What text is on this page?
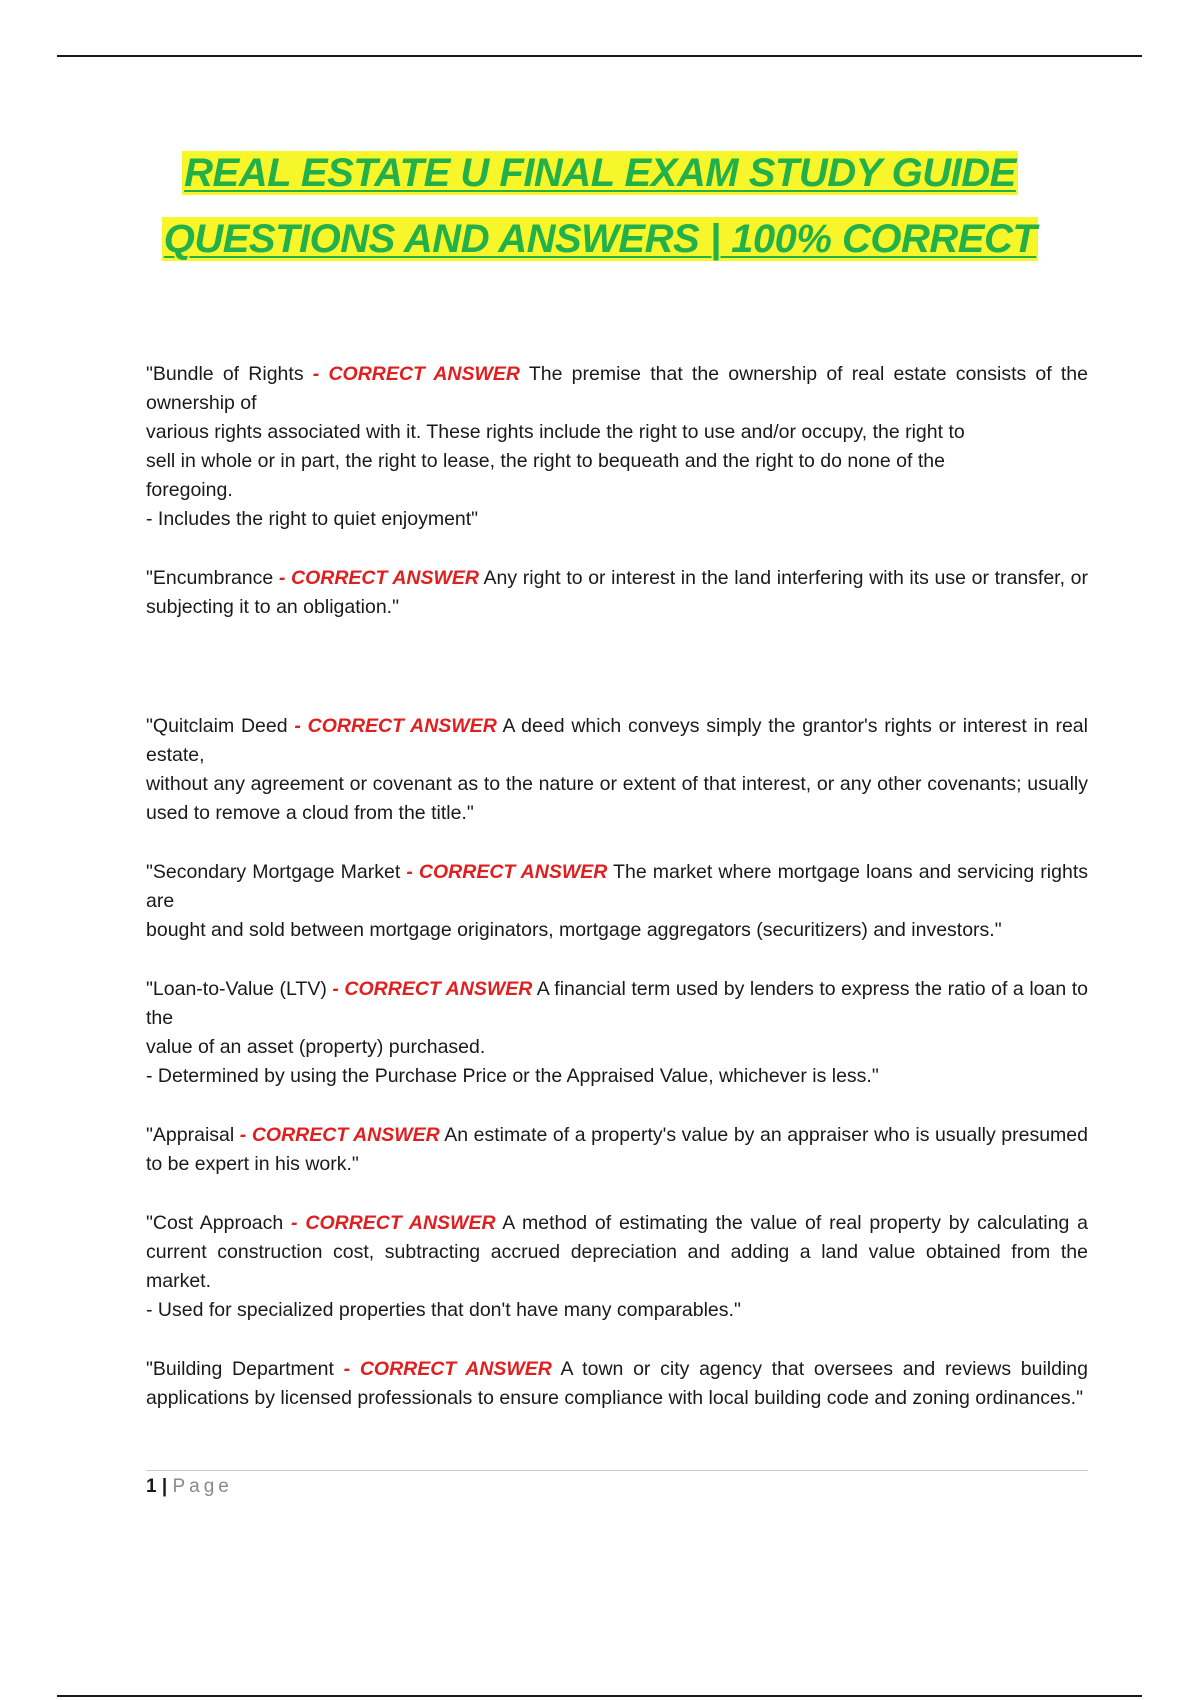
REAL ESTATE U FINAL EXAM STUDY GUIDE
QUESTIONS AND ANSWERS | 100% CORRECT
"Bundle of Rights - CORRECT ANSWER The premise that the ownership of real estate consists of the ownership of
various rights associated with it. These rights include the right to use and/or occupy, the right to
sell in whole or in part, the right to lease, the right to bequeath and the right to do none of the
foregoing.
- Includes the right to quiet enjoyment"
"Encumbrance - CORRECT ANSWER Any right to or interest in the land interfering with its use or transfer, or subjecting it to an obligation."
"Quitclaim Deed - CORRECT ANSWER A deed which conveys simply the grantor's rights or interest in real estate,
without any agreement or covenant as to the nature or extent of that interest, or any other covenants; usually used to remove a cloud from the title."
"Secondary Mortgage Market - CORRECT ANSWER The market where mortgage loans and servicing rights are
bought and sold between mortgage originators, mortgage aggregators (securitizers) and investors."
"Loan-to-Value (LTV) - CORRECT ANSWER A financial term used by lenders to express the ratio of a loan to the
value of an asset (property) purchased.
- Determined by using the Purchase Price or the Appraised Value, whichever is less."
"Appraisal - CORRECT ANSWER An estimate of a property's value by an appraiser who is usually presumed to be expert in his work."
"Cost Approach - CORRECT ANSWER A method of estimating the value of real property by calculating a current construction cost, subtracting accrued depreciation and adding a land value obtained from the market.
- Used for specialized properties that don't have many comparables."
"Building Department - CORRECT ANSWER A town or city agency that oversees and reviews building applications by licensed professionals to ensure compliance with local building code and zoning ordinances."
1 | Page
